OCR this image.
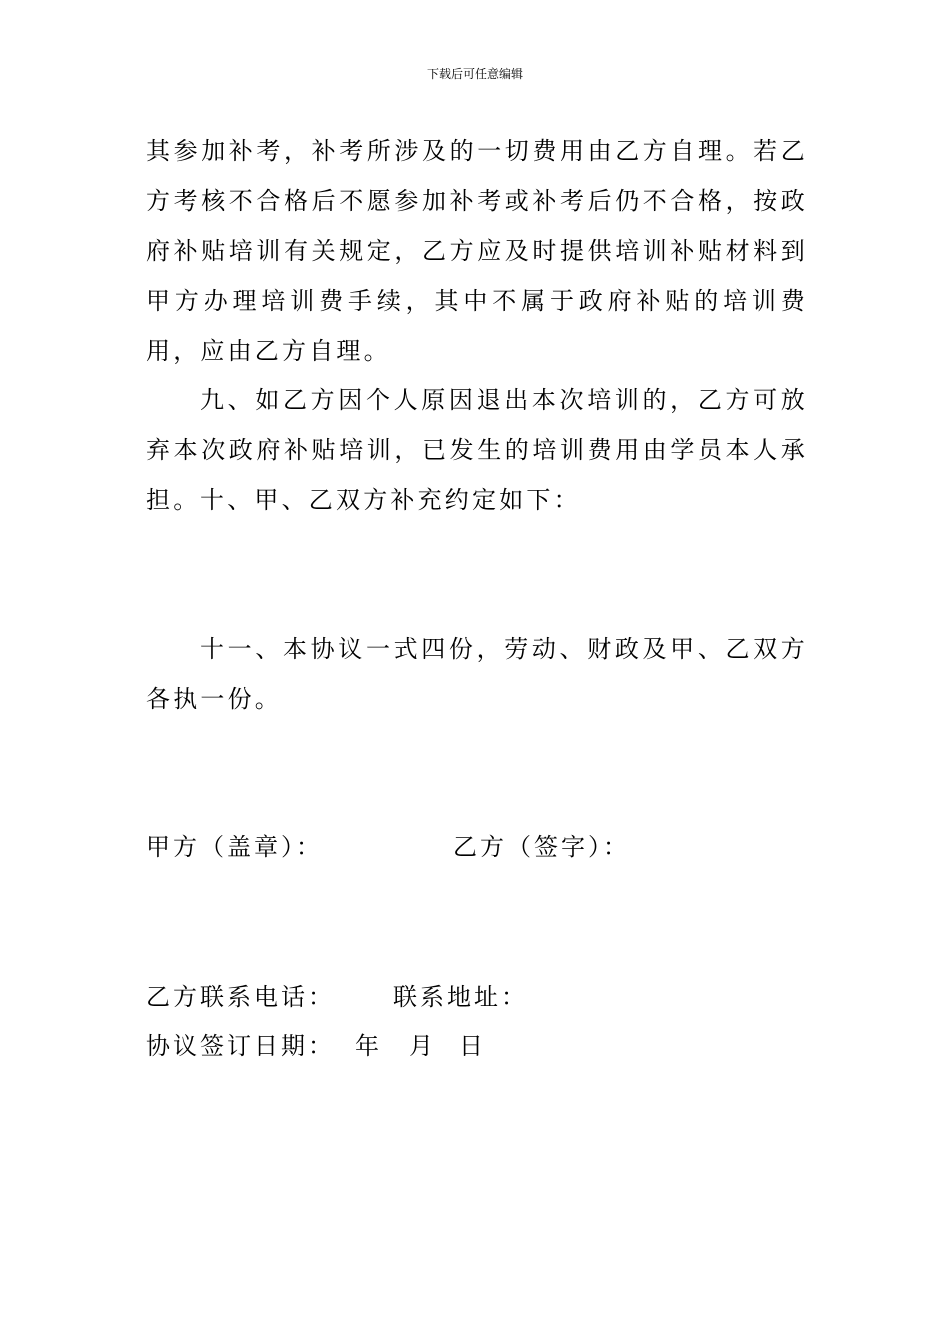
下载后可任意编辑

其参加补考，补考所涉及的一切费用由乙方自理。若乙方考核不合格后不愿参加补考或补考后仍不合格，按政府补贴培训有关规定，乙方应及时提供培训补贴材料到甲方办理培训费手续，其中不属于政府补贴的培训费用，应由乙方自理。

九、如乙方因个人原因退出本次培训的，乙方可放弃本次政府补贴培训，已发生的培训费用由学员本人承担。 十、甲、乙双方补充约定如下：

十一、本协议一式四份，劳动、财政及甲、乙双方各执一份。

甲方（盖章）：	乙方（签字）：
乙方联系电话： 联系地址：
协议签订日期： 年 月 日
